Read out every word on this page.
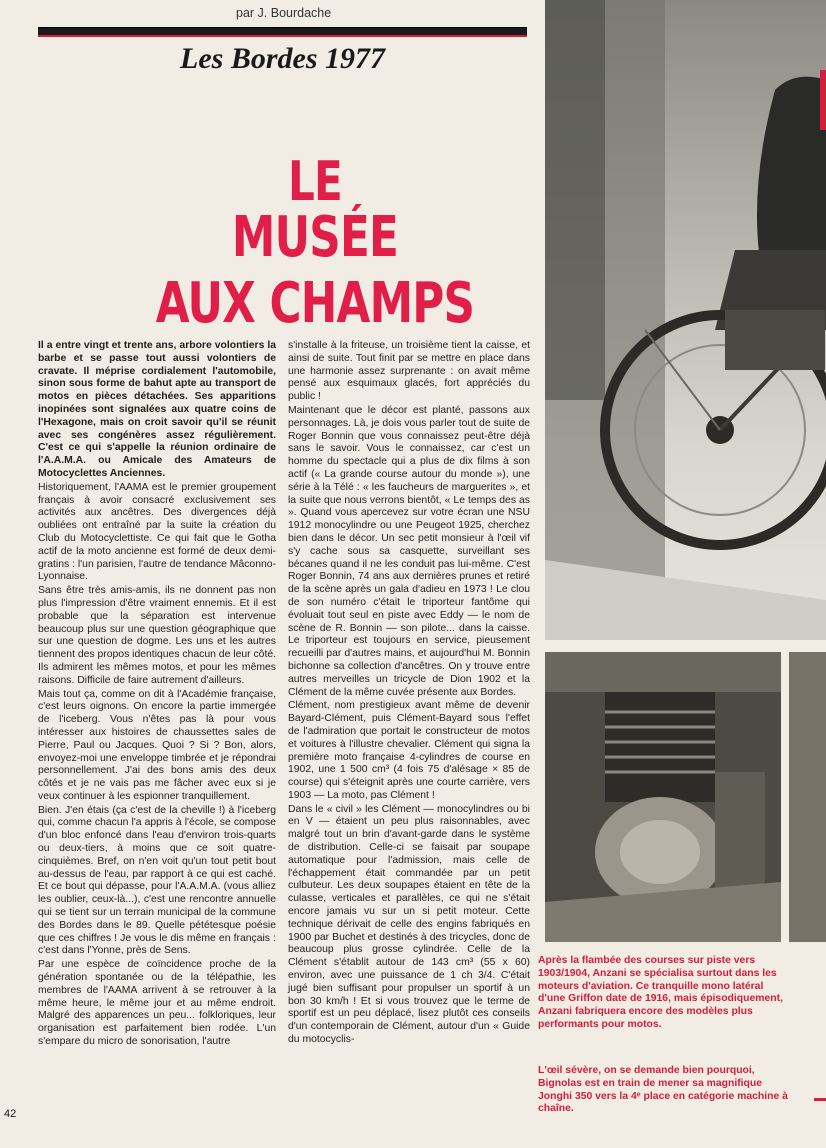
par J. Bourdache
Les Bordes 1977
LE
MUSÉE
AUX CHAMPS

Il a entre vingt et trente ans, arbore volontiers la barbe et se passe tout aussi volontiers de cravate. Il méprise cordialement l'automobile, sinon sous forme de bahut apte au transport de motos en pièces détachées. Ses apparitions inopinées sont signalées aux quatre coins de l'Hexagone, mais on croit savoir qu'il se réunit avec ses congénères assez régulièrement. C'est ce qui s'appelle la réunion ordinaire de l'A.A.M.A. ou Amicale des Amateurs de Motocyclettes Anciennes.

Historiquement, l'AAMA est le premier groupement français à avoir consacré exclusivement ses activités aux ancêtres. Des divergences déjà oubliées ont entraîné par la suite la création du Club du Motocyclettiste. Ce qui fait que le Gotha actif de la moto ancienne est formé de deux demi-gratins : l'un parisien, l'autre de tendance Mâconno-Lyonnaise.

Sans être très amis-amis, ils ne donnent pas non plus l'impression d'être vraiment ennemis. Et il est probable que la séparation est intervenue beaucoup plus sur une question géographique que sur une question de dogme. Les uns et les autres tiennent des propos identiques chacun de leur côté. Ils admirent les mêmes motos, et pour les mêmes raisons. Difficile de faire autrement d'ailleurs.

Mais tout ça, comme on dit à l'Académie française, c'est leurs oignons. On encore la partie immergée de l'iceberg. Vous n'êtes pas là pour vous intéresser aux histoires de chaussettes sales de Pierre, Paul ou Jacques. Quoi ? Si ? Bon, alors, envoyez-moi une enveloppe timbrée et je répondrai personnellement. J'ai des bons amis des deux côtés et je ne vais pas me fâcher avec eux si je veux continuer à les espionner tranquillement.

Bien. J'en étais (ça c'est de la cheville !) à l'iceberg qui, comme chacun l'a appris à l'école, se compose d'un bloc enfoncé dans l'eau d'environ trois-quarts ou deux-tiers, à moins que ce soit quatre-cinquièmes. Bref, on n'en voit qu'un tout petit bout au-dessus de l'eau, par rapport à ce qui est caché. Et ce bout qui dépasse, pour l'A.A.M.A. (vous alliez les oublier, ceux-là...), c'est une rencontre annuelle qui se tient sur un terrain municipal de la commune des Bordes dans le 89. Quelle pététesque poésie que ces chiffres ! Je vous le dis même en français : c'est dans l'Yonne, près de Sens.

Par une espèce de coïncidence proche de la génération spontanée ou de la télépathie, les membres de l'AAMA arrivent à se retrouver à la même heure, le même jour et au même endroit. Malgré des apparences un peu... folkloriques, leur organisation est parfaitement bien rodée. L'un s'empare du micro de sonorisation, l'autre

s'installe à la friteuse, un troisième tient la caisse, et ainsi de suite. Tout finit par se mettre en place dans une harmonie assez surprenante : on avait même pensé aux esquimaux glacés, fort appréciés du public !

Maintenant que le décor est planté, passons aux personnages. Là, je dois vous parler tout de suite de Roger Bonnin que vous connaissez peut-être déjà sans le savoir. Vous le connaissez, car c'est un homme du spectacle qui a plus de dix films à son actif (« La grande course autour du monde »), une série à la Télé : « les faucheurs de marguerites », et la suite que nous verrons bientôt, « Le temps des as ». Quand vous apercevez sur votre écran une NSU 1912 monocylindre ou une Peugeot 1925, cherchez bien dans le décor. Un sec petit monsieur à l'œil vif s'y cache sous sa casquette, surveillant ses bécanes quand il ne les conduit pas lui-même. C'est Roger Bonnin, 74 ans aux dernières prunes et retiré de la scène après un gala d'adieu en 1973 ! Le clou de son numéro c'était le triporteur fantôme qui évoluait tout seul en piste avec Eddy — le nom de scène de R. Bonnin — son pilote... dans la caisse. Le triporteur est toujours en service, pieusement recueilli par d'autres mains, et aujourd'hui M. Bonnin bichonne sa collection d'ancêtres. On y trouve entre autres merveilles un tricycle de Dion 1902 et la Clément de la même cuvée présente aux Bordes.

Clément, nom prestigieux avant même de devenir Bayard-Clément, puis Clément-Bayard sous l'effet de l'admiration que portait le constructeur de motos et voitures à l'illustre chevalier. Clément qui signa la première moto française 4-cylindres de course en 1902, une 1 500 cm³ (4 fois 75 d'alésage × 85 de course) qui s'éteignit après une courte carrière, vers 1903 — La moto, pas Clément !

Dans le « civil » les Clément — monocylindres ou bi en V — étaient un peu plus raisonnables, avec malgré tout un brin d'avant-garde dans le système de distribution. Celle-ci se faisait par soupape automatique pour l'admission, mais celle de l'échappement était commandée par un petit culbuteur. Les deux soupapes étaient en tête de la culasse, verticales et parallèles, ce qui ne s'était encore jamais vu sur un si petit moteur. Cette technique dérivait de celle des engins fabriqués en 1900 par Buchet et destinés à des tricycles, donc de beaucoup plus grosse cylindrée. Celle de la Clément s'établit autour de 143 cm³ (55 x 60) environ, avec une puissance de 1 ch 3/4. C'était jugé bien suffisant pour propulser un sportif à un bon 30 km/h ! Et si vous trouvez que le terme de sportif est un peu déplacé, lisez plutôt ces conseils d'un contemporain de Clément, autour d'un « Guide du motocyclis-

Après la flambée des courses sur piste vers 1903/1904, Anzani se spécialisa surtout dans les moteurs d'aviation. Ce tranquille mono latéral d'une Griffon date de 1916, mais épisodiquement, Anzani fabriquera encore des modèles plus performants pour motos.
L'œil sévère, on se demande bien pourquoi, Bignolas est en train de mener sa magnifique Jonghi 350 vers la 4ᵉ place en catégorie machine à chaîne.
42
